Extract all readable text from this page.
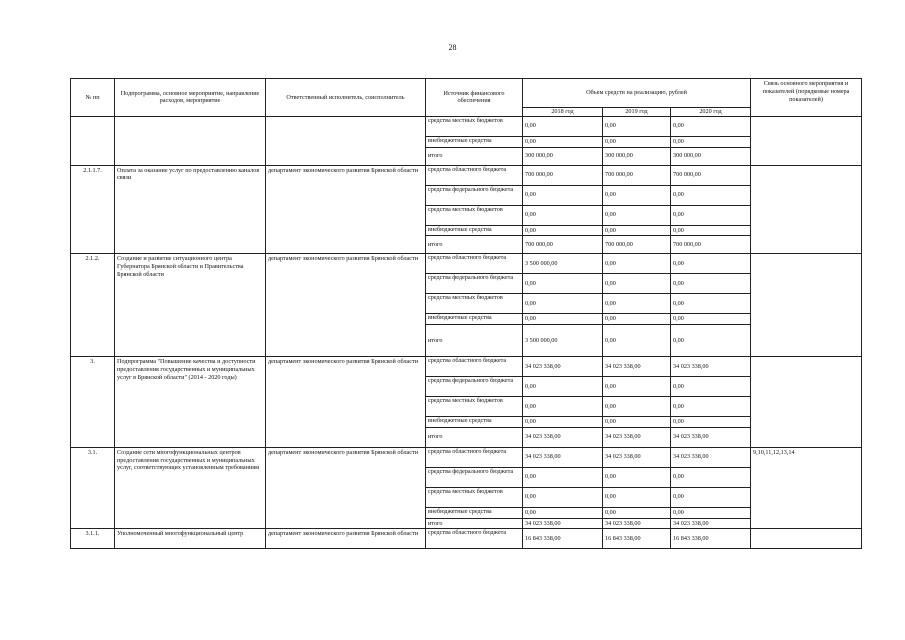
28
№ пп	Подпрограмма, основное мероприятие, направление расходов, мероприятие	Ответственный исполнитель, соисполнитель	Источник финансового обеспечения	Объем средств на реализацию, рублей			Связь основного мероприятия и показателей (порядковые номера показателей)
				2018 год	2019 год	2020 год	
			средства местных бюджетов	0,00	0,00	0,00	
			внебюджетные средства	0,00	0,00	0,00	
			итого	300 000,00	300 000,00	300 000,00	
2.1.1.7.	Оплата за оказание услуг по предоставлению каналов связи	департамент экономического развития Брянской области	средства областного бюджета	700 000,00	700 000,00	700 000,00	
			средства федерального бюджета	0,00	0,00	0,00	
			средства местных бюджетов	0,00	0,00	0,00	
			внебюджетные средства	0,00	0,00	0,00	
			итого	700 000,00	700 000,00	700 000,00	
2.1.2.	Создание и развитие ситуационного центра Губернатора Брянской области и Правительства Брянской области	департамент экономического развития Брянской области	средства областного бюджета	3 500 000,00	0,00	0,00	
			средства федерального бюджета	0,00	0,00	0,00	
			средства местных бюджетов	0,00	0,00	0,00	
			внебюджетные средства	0,00	0,00	0,00	
			итого	3 500 000,00	0,00	0,00	
3.	Подпрограмма "Повышение качества и доступности предоставления государственных и муниципальных услуг в Брянской области" (2014 - 2020 годы)	департамент экономического развития Брянской области	средства областного бюджета	34 023 338,00	34 023 338,00	34 023 338,00	
			средства федерального бюджета	0,00	0,00	0,00	
			средства местных бюджетов	0,00	0,00	0,00	
			внебюджетные средства	0,00	0,00	0,00	
			итого	34 023 338,00	34 023 338,00	34 023 338,00	
3.1.	Создание сети многофункциональных центров предоставления государственных и муниципальных услуг, соответствующих установленным требованиям	департамент экономического развития Брянской области	средства областного бюджета	34 023 338,00	34 023 338,00	34 023 338,00	9,10,11,12,13,14
			средства федерального бюджета	0,00	0,00	0,00	
			средства местных бюджетов	0,00	0,00	0,00	
			внебюджетные средства	0,00	0,00	0,00	
			итого	34 023 338,00	34 023 338,00	34 023 338,00	
3.1.1.	Уполномоченный многофункциональный центр	департамент экономического развития Брянской области	средства областного бюджета	16 843 338,00	16 843 338,00	16 843 338,00	
